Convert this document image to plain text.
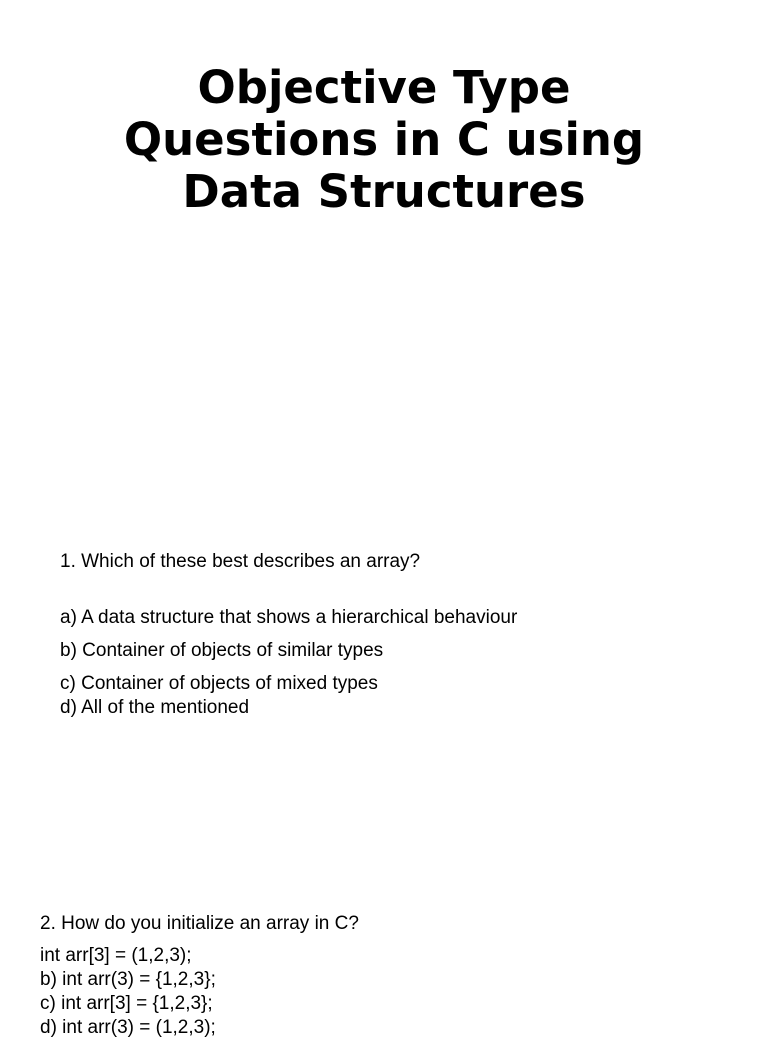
Objective Type
Questions in C using
Data Structures
1. Which of these best describes an array?
a) A data structure that shows a hierarchical behaviour
b) Container of objects of similar types
c) Container of objects of mixed types
d) All of the mentioned
2. How do you initialize an array in C?
int arr[3] = (1,2,3);
b) int arr(3) = {1,2,3};
c) int arr[3] = {1,2,3};
d) int arr(3) = (1,2,3);
